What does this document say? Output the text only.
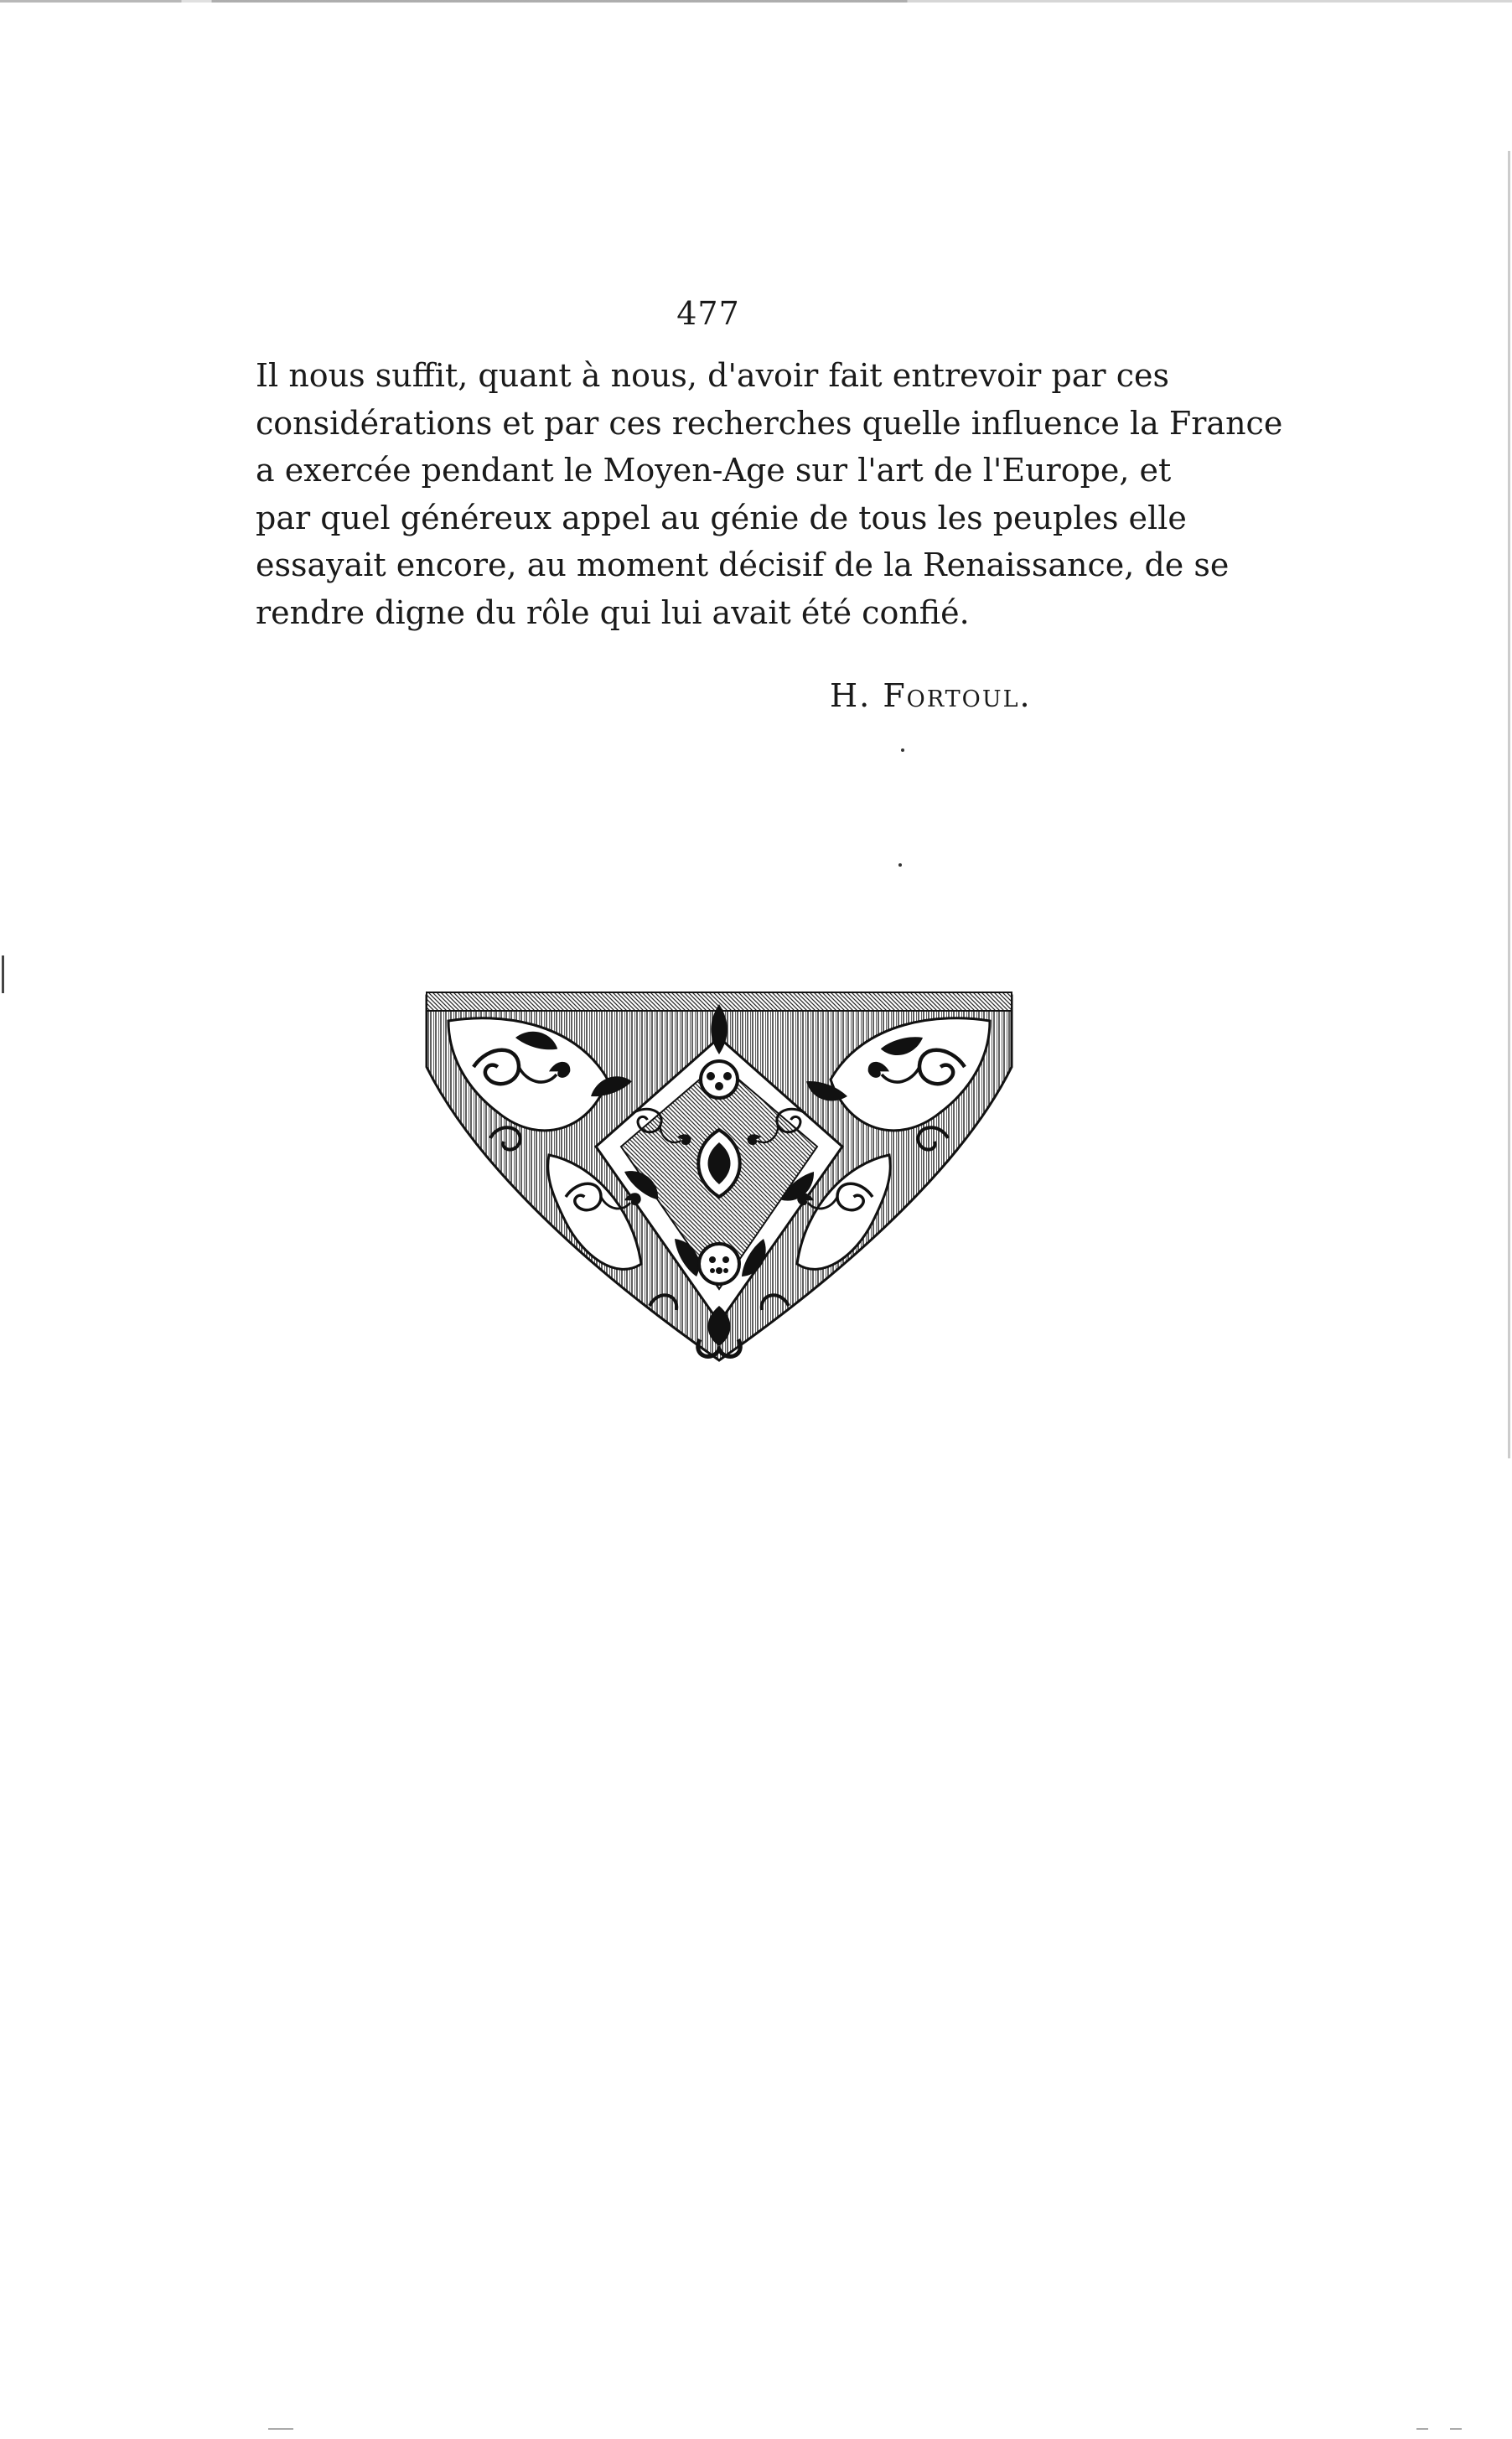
477
Il nous suffit, quant à nous, d'avoir fait entrevoir par ces
considérations et par ces recherches quelle influence la France
a exercée pendant le Moyen-Age sur l'art de l'Europe, et
par quel généreux appel au génie de tous les peuples elle
essayait encore, au moment décisif de la Renaissance, de se
rendre digne du rôle qui lui avait été confié.
H. Fortoul.
